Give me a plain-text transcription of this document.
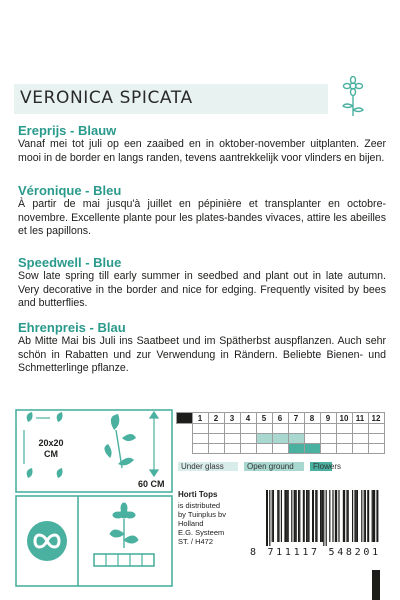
VERONICA SPICATA

Ereprijs - Blauw

Vanaf mei tot juli op een zaaibed en in oktober-november uitplanten. Zeer mooi in de border en langs randen, tevens aantrekkelijk voor vlinders en bijen.

Véronique - Bleu

À partir de mai jusqu'à juillet en pépinière et transplanter en octobre-novembre. Excellente plante pour les plates-bandes vivaces, attire les abeilles et les papillons.

Speedwell - Blue

Sow late spring till early summer in seedbed and plant out in late autumn. Very decorative in the border and nice for edging. Frequently visited by bees and butterflies.

Ehrenpreis - Blau

Ab Mitte Mai bis Juli ins Saatbeet und im Spätherbst auspflanzen. Auch sehr schön in Rabatten und zur Verwendung in Rändern. Beliebte Bienen- und Schmetterlinge pflanze.

20x20
CM
60 CM
	1	2	3	4	5	6	7	8	9	10	11	12

Under glass	Open ground Flowers
Horti Tops
is distributed
by Tuinplus bv
Holland
E.G. Systeem
ST. / H472
8 711117 548201
